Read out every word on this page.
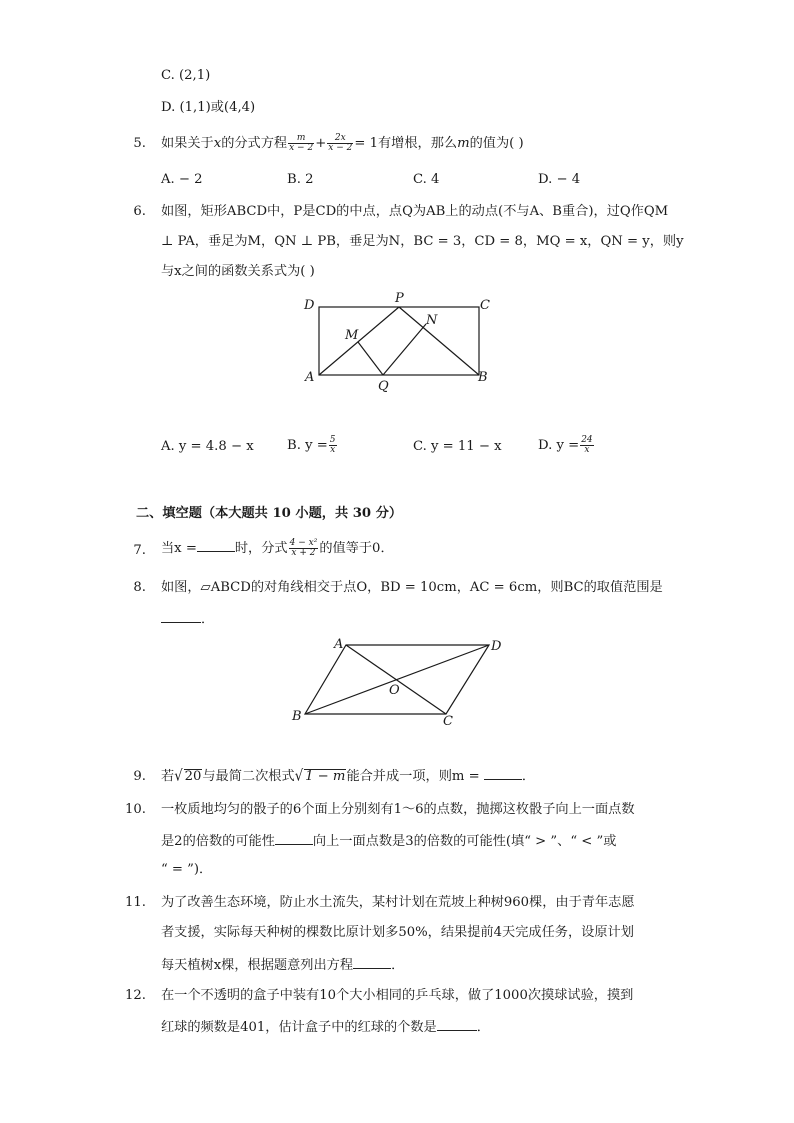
C. (2,1)
D. (1,1)或(4,4)
5. 如果关于x的分式方程 $\frac{m}{x - 2} + \frac{2x}{x - 2} = 1$有增根，那么m的值为( )
A. − 2	B. 2	C. 4	D. − 4
6. 如图，矩形ABCD中，P是CD的中点，点Q为AB上的动点(不与A、B重合)，过Q作QM
⊥ PA，垂足为M，QN ⊥ PB，垂足为N，BC = 3，CD = 8，MQ = x，QN = y，则y
与x之间的函数关系式为( )
D	P	C
M
N
A
Q
B
A. y = 4.8 − x	B. $y = \frac{5}{x}$	C. y = 11 − x	D. $y = \frac{24}{x}$
二、填空题（本大题共 10 小题，共 30 分）
7. 当x =	时，分式 $\frac{\text{4 − x²}}{x + 2}$ 的值等于0．
8. 如图，▱ABCD的对角线相交于点O，BD = 10cm，AC = 6cm，则BC的取值范围是
．
A	D
O
B	C
9. 若√ 20与最简二次根式√ 1 − m能合并成一项，则m =	．
10. 一枚质地均匀的骰子的6个面上分别刻有1～6的点数，抛掷这枚骰子向上一面点数
是2的倍数的可能性	向上一面点数是3的倍数的可能性(填“ > ”、“ < ”或
“ = ”)．
11. 为了改善生态环境，防止水土流失，某村计划在荒坡上种树960棵，由于青年志愿
者支援，实际每天种树的棵数比原计划多50%，结果提前4天完成任务，设原计划
每天植树x棵，根据题意列出方程	．
12. 在一个不透明的盒子中装有10个大小相同的乒乓球，做了1000次摸球试验，摸到
红球的频数是401，估计盒子中的红球的个数是	．
